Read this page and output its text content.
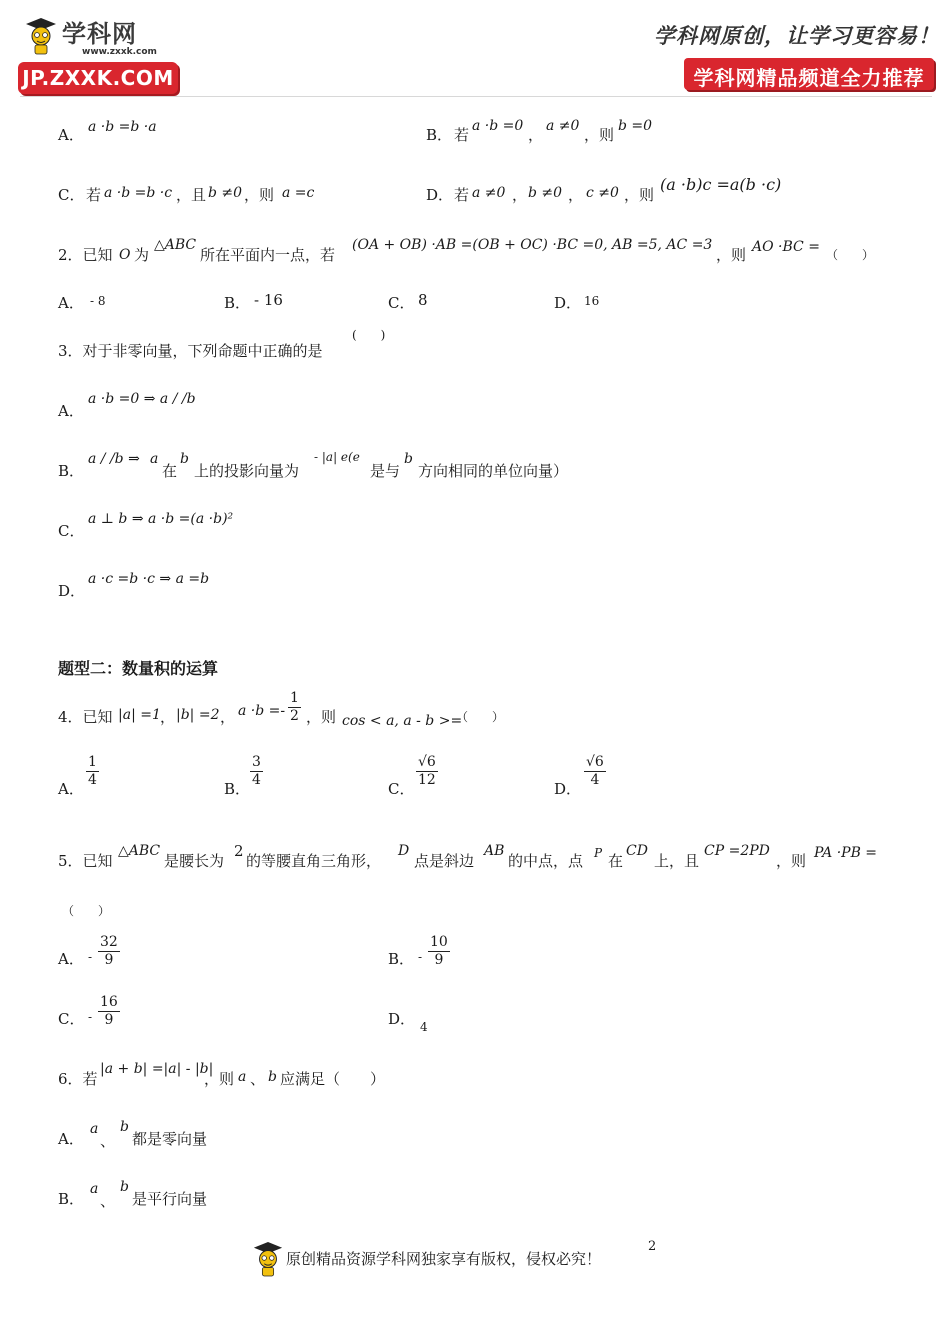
学科网
www.zxxk.com
JP.ZXXK.COM
学科网原创，让学习更容易！
学科网精品频道全力推荐
A． a ·b =b ·a	B． 若 a ·b =0 ， a ≠0 ，则 b =0
C． 若 a ·b =b ·c ，且 b ≠0 ，则 a =c	D． 若 a ≠0 ， b ≠0 ， c ≠0 ，则
(a ·b)c =a(b ·c)
2．已知 O 为
△ABC
所在平面内一点，若
(OA + OB) ·AB =(OB + OC) ·BC =0, AB =5, AC =3
，则 AO ·BC = （　　）
A． - 8	B． - 16	C． 8	D． 16
3．对于非零向量，下列命题中正确的是
(　　)
A．
a ·b =0 ⇒ a / /b
B．
a / /b ⇒ a
在
b
上的投影向量为
- |a| e(e
是与
b
方向相同的单位向量）
C．
a ⊥ b ⇒ a ·b =(a ·b)²
D．
a ·c =b ·c ⇒ a =b
题型二：数量积的运算
4．已知 |a| =1 ， |b| =2 ， $a \cdot b =- \frac{1}{2}$ ，则 cos < a, a - b >=
（　　）
A． $\frac{1}{4}$	B． $\frac{3}{4}$	C． $\frac{√6}{12}$	D． $\frac{√6}{4}$
5．已知
△ABC
是腰长为
2
的等腰直角三角形，
D
点是斜边
AB
的中点，点 P 在
CD
上，且
CP =2PD
，则 PA ·PB =
（　　）
A． - $\frac{32}{9}$	B． - $\frac{10}{9}$
C． - $\frac{16}{9}$	D． 4
6．若
|a + b| =|a| - |b|
，则 a 、 b 应满足（　　）
A．
a
、
b
都是零向量
B．
a
、
b
是平行向量
原创精品资源学科网独家享有版权，侵权必究！
2
